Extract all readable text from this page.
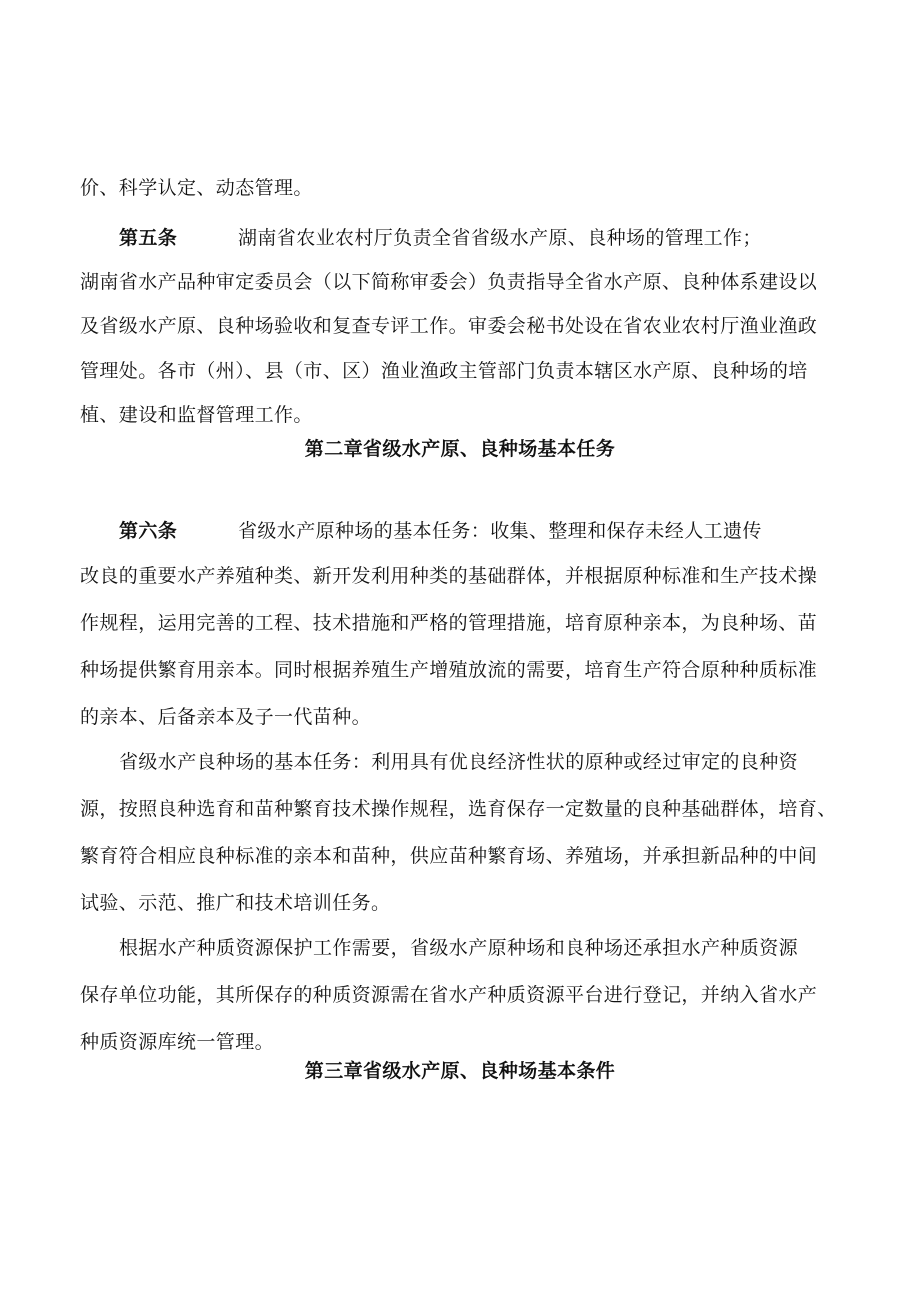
价、科学认定、动态管理。
第五条	湖南省农业农村厅负责全省省级水产原、良种场的管理工作；
湖南省水产品种审定委员会（以下简称审委会）负责指导全省水产原、良种体系建设以
及省级水产原、良种场验收和复查专评工作。审委会秘书处设在省农业农村厅渔业渔政
管理处。各市（州）、县（市、区）渔业渔政主管部门负责本辖区水产原、良种场的培
植、建设和监督管理工作。
第二章省级水产原、良种场基本任务
第六条	省级水产原种场的基本任务：收集、整理和保存未经人工遗传
改良的重要水产养殖种类、新开发利用种类的基础群体，并根据原种标准和生产技术操
作规程，运用完善的工程、技术措施和严格的管理措施，培育原种亲本，为良种场、苗
种场提供繁育用亲本。同时根据养殖生产增殖放流的需要，培育生产符合原种种质标准
的亲本、后备亲本及子一代苗种。
省级水产良种场的基本任务：利用具有优良经济性状的原种或经过审定的良种资
源，按照良种选育和苗种繁育技术操作规程，选育保存一定数量的良种基础群体，培育、
繁育符合相应良种标准的亲本和苗种，供应苗种繁育场、养殖场，并承担新品种的中间
试验、示范、推广和技术培训任务。
根据水产种质资源保护工作需要，省级水产原种场和良种场还承担水产种质资源
保存单位功能，其所保存的种质资源需在省水产种质资源平台进行登记，并纳入省水产
种质资源库统一管理。
第三章省级水产原、良种场基本条件
